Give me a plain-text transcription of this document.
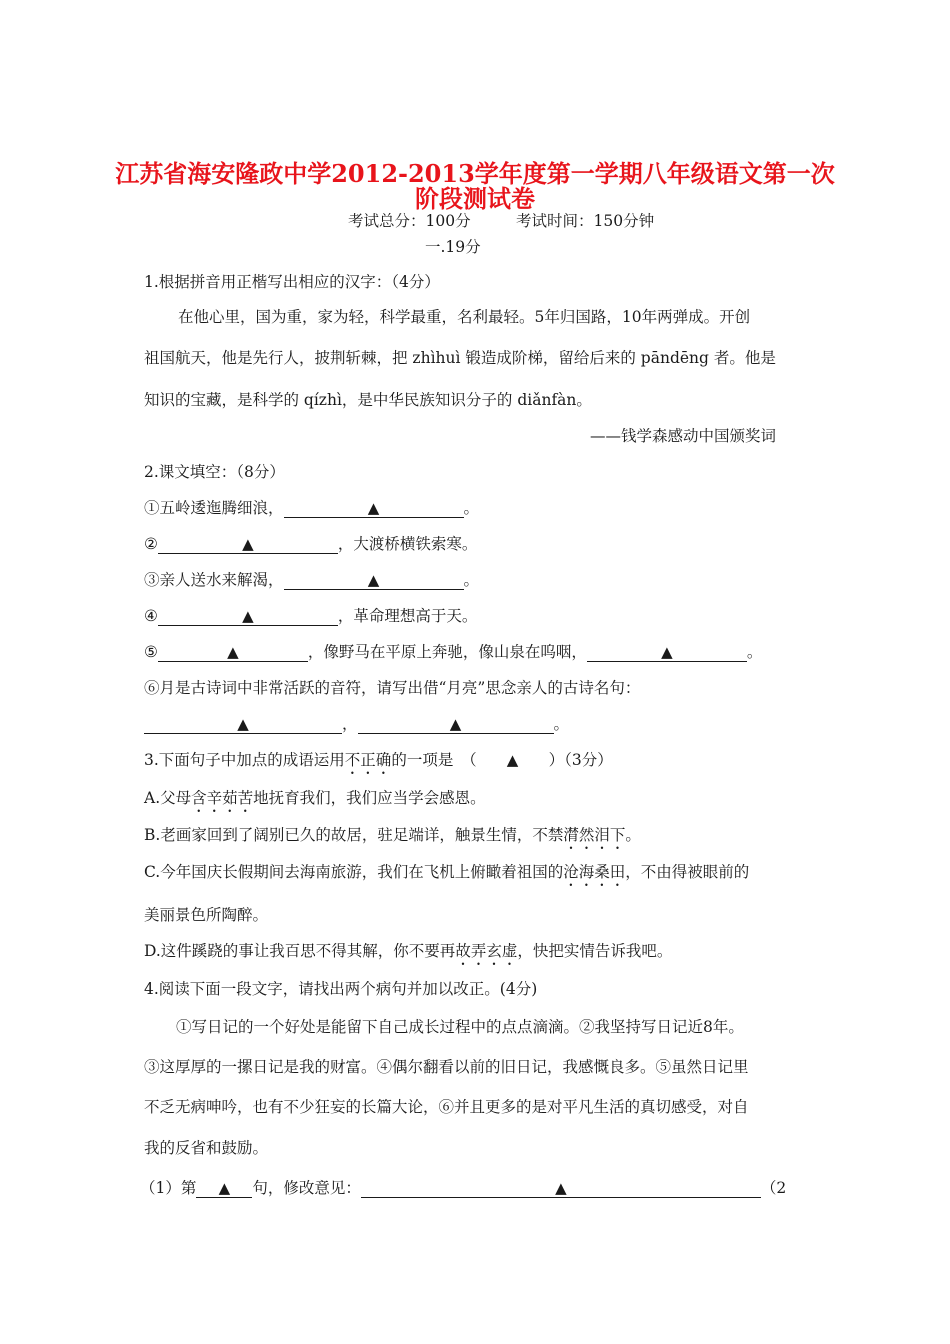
江苏省海安隆政中学2012-2013学年度第一学期八年级语文第一次
阶段测试卷
考试总分：100分	考试时间：150分钟
一.19分
1.根据拼音用正楷写出相应的汉字：（4分）
在他心里，国为重，家为轻，科学最重，名利最轻。5年归国路，10年两弹成。开创
祖国航天，他是先行人，披荆斩棘，把 zhìhuì 锻造成阶梯，留给后来的 pāndēng 者。他是
知识的宝藏，是科学的 qízhì，是中华民族知识分子的 diǎnfàn。
——钱学森感动中国颁奖词
2.课文填空：（8分）
①五岭逶迤腾细浪，	▲	。
②	▲	，大渡桥横铁索寒。
③亲人送水来解渴，	▲	。
④	▲	，革命理想高于天。
⑤	▲	，像野马在平原上奔驰，像山泉在呜咽，	▲	。
⑥月是古诗词中非常活跃的音符，请写出借“月亮”思念亲人的古诗名句：
▲	，	▲	。
3.下面句子中加点的成语运用不正确的一项是　（ ▲ ）（3分）
A.父母含辛茹苦地抚育我们，我们应当学会感恩。
B.老画家回到了阔别已久的故居，驻足端详，触景生情，不禁潸然泪下。
C.今年国庆长假期间去海南旅游，我们在飞机上俯瞰着祖国的沧海桑田，不由得被眼前的
美丽景色所陶醉。
D.这件蹊跷的事让我百思不得其解，你不要再故弄玄虚，快把实情告诉我吧。
4.阅读下面一段文字，请找出两个病句并加以改正。(4分)
①写日记的一个好处是能留下自己成长过程中的点点滴滴。②我坚持写日记近8年。
③这厚厚的一摞日记是我的财富。④偶尔翻看以前的旧日记，我感慨良多。⑤虽然日记里
不乏无病呻吟，也有不少狂妄的长篇大论，⑥并且更多的是对平凡生活的真切感受，对自
我的反省和鼓励。
（1）第 ▲ 句，修改意见：	▲	（2
